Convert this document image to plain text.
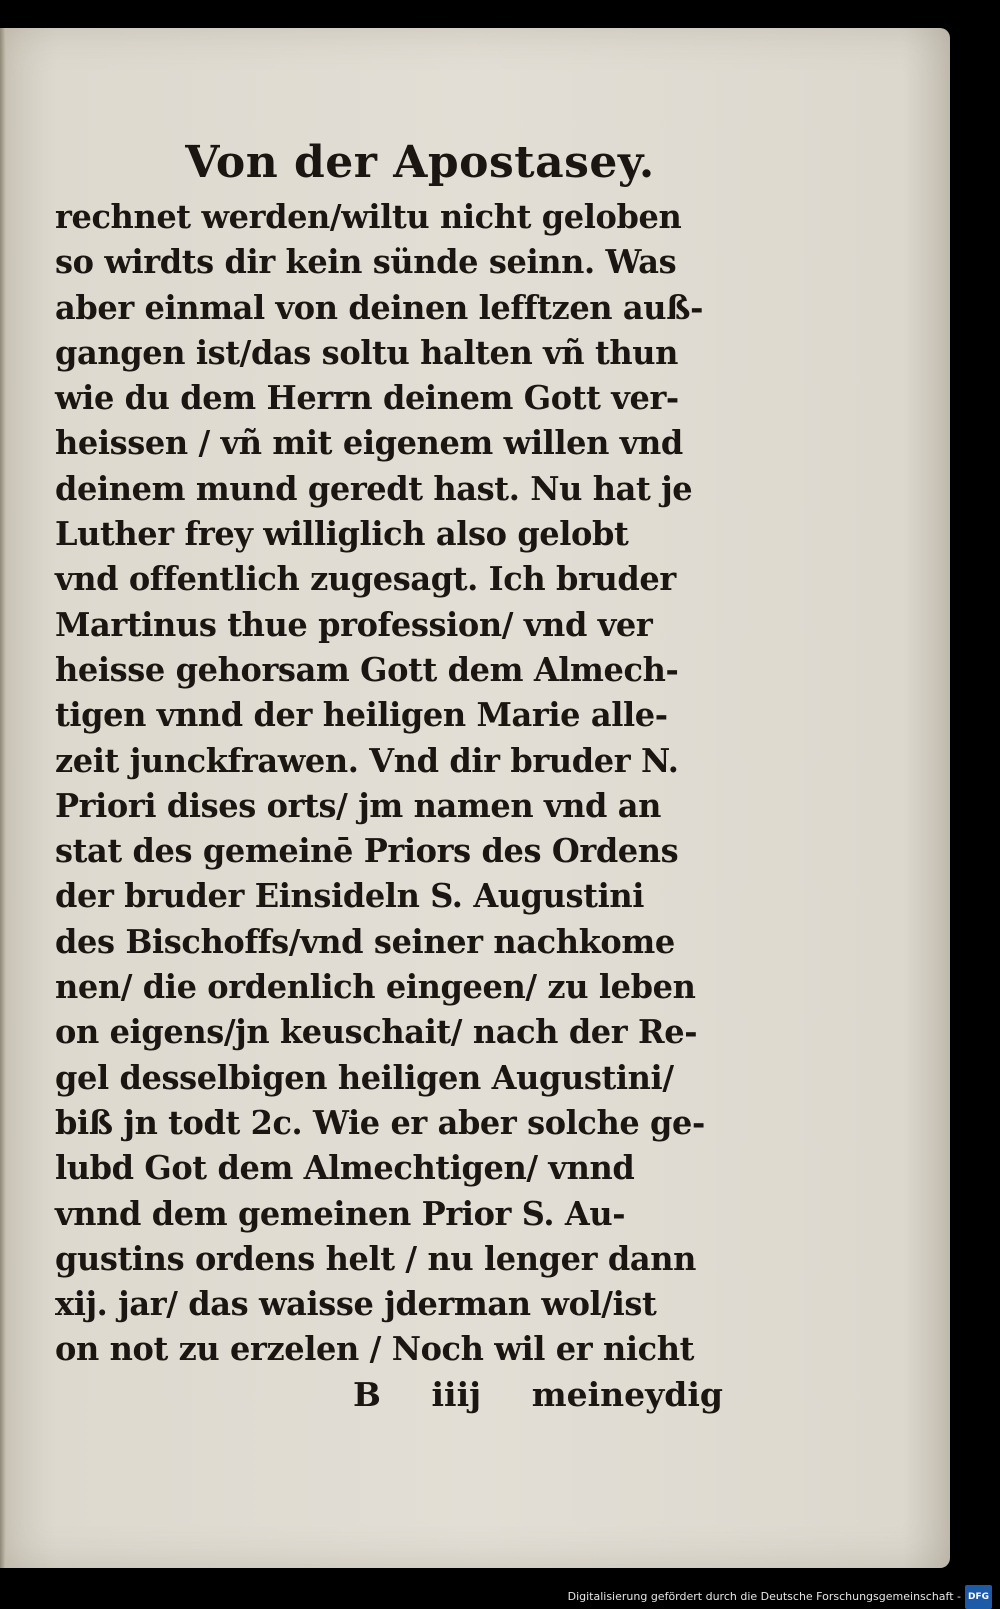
Von der Apostasey.
rechnet werden/wiltu nicht geloben
so wirdts dir kein sünde seinn. Was
aber einmal von deinen lefftzen auß-
gangen ist/das soltu halten vñ thun
wie du dem Herrn deinem Gott ver-
heissen / vñ mit eigenem willen vnd
deinem mund geredt hast. Nu hat je
Luther frey williglich also gelobt
vnd offentlich zugesagt. Ich bruder
Martinus thue profession/ vnd ver
heisse gehorsam Gott dem Almech-
tigen vnnd der heiligen Marie alle-
zeit junckfrawen. Vnd dir bruder N.
Priori dises orts/ jm namen vnd an
stat des gemeinē Priors des Ordens
der bruder Einsideln S. Augustini
des Bischoffs/vnd seiner nachkome
nen/ die ordenlich eingeen/ zu leben
on eigens/jn keuschait/ nach der Re-
gel desselbigen heiligen Augustini/
biß jn todt 2c. Wie er aber solche ge-
lubd Got dem Almechtigen/ vnnd
vnnd dem gemeinen Prior S. Au-
gustins ordens helt / nu lenger dann
xij. jar/ das waisse jderman wol/ist
on not zu erzelen / Noch wil er nicht
B iiij meineydig
Digitalisierung gefördert durch die Deutsche Forschungsgemeinschaft - DFG
